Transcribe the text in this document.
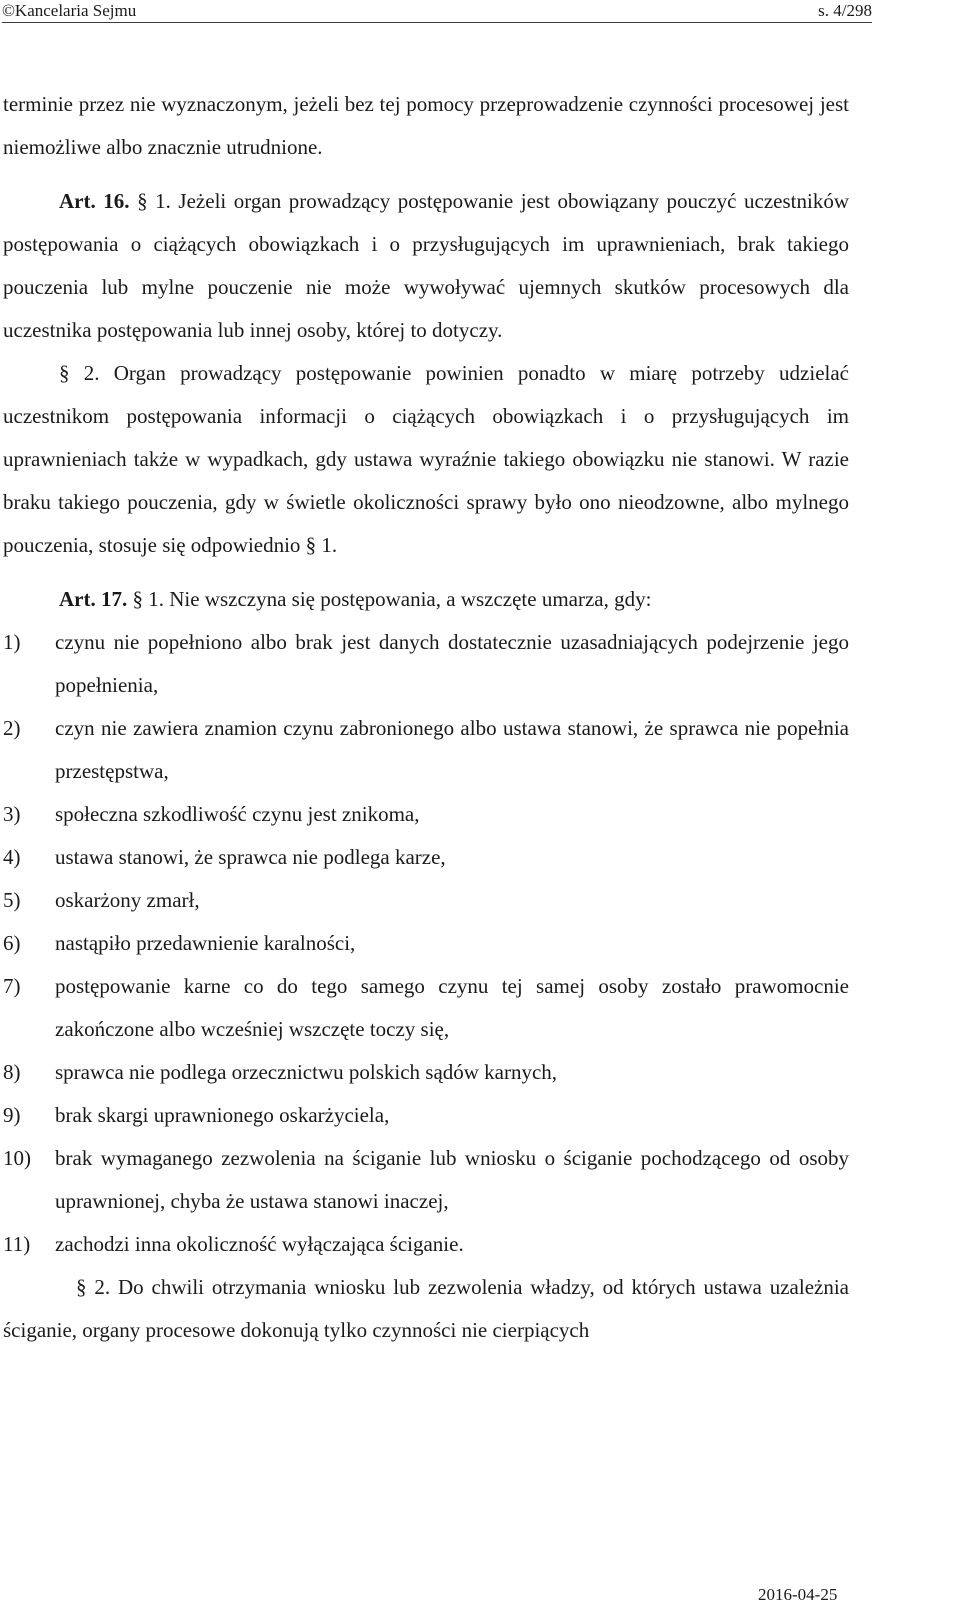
©Kancelaria Sejmu	s. 4/298

terminie przez nie wyznaczonym, jeżeli bez tej pomocy przeprowadzenie czynności procesowej jest niemożliwe albo znacznie utrudnione.

Art. 16. § 1. Jeżeli organ prowadzący postępowanie jest obowiązany pouczyć uczestników postępowania o ciążących obowiązkach i o przysługujących im uprawnieniach, brak takiego pouczenia lub mylne pouczenie nie może wywoływać ujemnych skutków procesowych dla uczestnika postępowania lub innej osoby, której to dotyczy.

§ 2. Organ prowadzący postępowanie powinien ponadto w miarę potrzeby udzielać uczestnikom postępowania informacji o ciążących obowiązkach i o przysługujących im uprawnieniach także w wypadkach, gdy ustawa wyraźnie takiego obowiązku nie stanowi. W razie braku takiego pouczenia, gdy w świetle okoliczności sprawy było ono nieodzowne, albo mylnego pouczenia, stosuje się odpowiednio § 1.

Art. 17. § 1. Nie wszczyna się postępowania, a wszczęte umarza, gdy:

1)	czynu nie popełniono albo brak jest danych dostatecznie uzasadniających podejrzenie jego popełnienia,
2)	czyn nie zawiera znamion czynu zabronionego albo ustawa stanowi, że sprawca nie popełnia przestępstwa,
3)	społeczna szkodliwość czynu jest znikoma,
4)	ustawa stanowi, że sprawca nie podlega karze,
5)	oskarżony zmarł,
6)	nastąpiło przedawnienie karalności,
7)	postępowanie karne co do tego samego czynu tej samej osoby zostało prawomocnie zakończone albo wcześniej wszczęte toczy się,
8)	sprawca nie podlega orzecznictwu polskich sądów karnych,
9)	brak skargi uprawnionego oskarżyciela,
10)	brak wymaganego zezwolenia na ściganie lub wniosku o ściganie pochodzącego od osoby uprawnionej, chyba że ustawa stanowi inaczej,
11)	zachodzi inna okoliczność wyłączająca ściganie.

§ 2. Do chwili otrzymania wniosku lub zezwolenia władzy, od których ustawa uzależnia ściganie, organy procesowe dokonują tylko czynności nie cierpiących

2016-04-25
